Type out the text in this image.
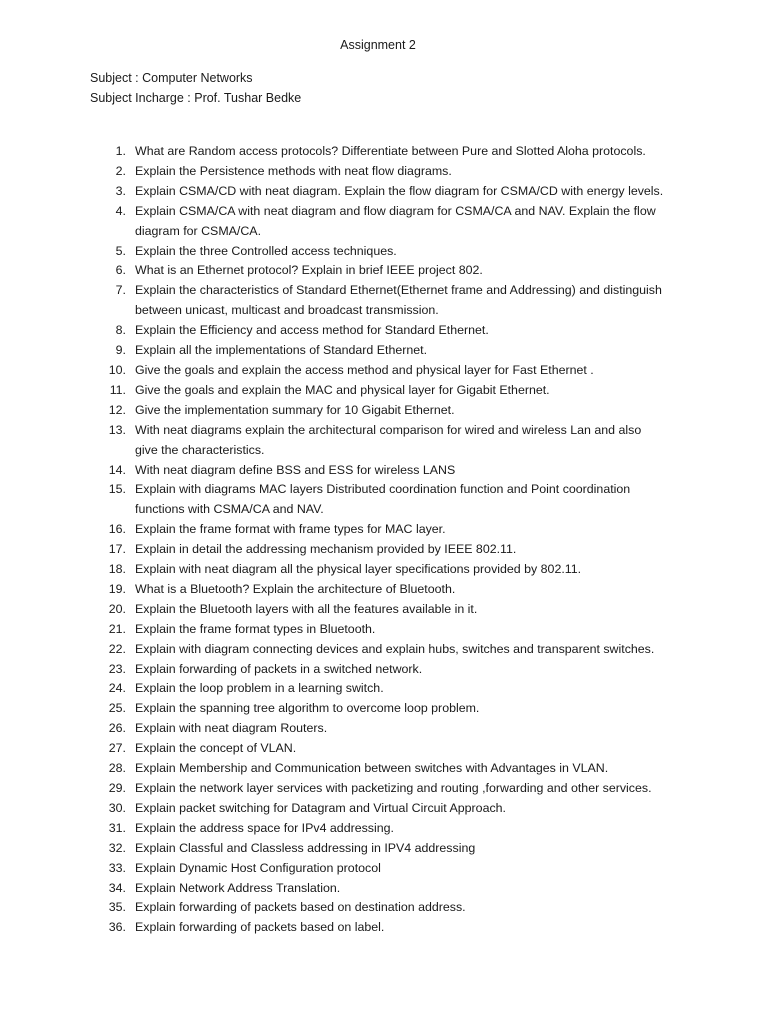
Assignment 2
Subject : Computer Networks
Subject Incharge : Prof. Tushar Bedke
1. What are Random access protocols? Differentiate between Pure and Slotted Aloha protocols.
2. Explain the Persistence methods with neat flow diagrams.
3. Explain CSMA/CD with neat diagram. Explain the flow diagram for CSMA/CD with energy levels.
4. Explain CSMA/CA with neat diagram and flow diagram for CSMA/CA and NAV. Explain the flow
diagram for CSMA/CA.
5. Explain the three Controlled access techniques.
6. What is an Ethernet protocol? Explain in brief IEEE project 802.
7. Explain the characteristics of Standard Ethernet(Ethernet frame and Addressing) and distinguish
between unicast, multicast and broadcast transmission.
8. Explain the Efficiency and access method for Standard Ethernet.
9. Explain all the implementations of Standard Ethernet.
10. Give the goals and explain the access method and physical layer for Fast Ethernet .
11. Give the goals and explain the MAC and physical layer for Gigabit Ethernet.
12. Give the implementation summary for 10 Gigabit Ethernet.
13. With neat diagrams explain the architectural comparison for wired and wireless Lan and also
give the characteristics.
14. With neat diagram define BSS and ESS for wireless LANS
15. Explain with diagrams MAC layers Distributed coordination function and Point coordination
functions with CSMA/CA and NAV.
16. Explain the frame format with frame types for MAC layer.
17. Explain in detail the addressing mechanism provided by IEEE 802.11.
18. Explain with neat diagram all the physical layer specifications provided by 802.11.
19. What is a Bluetooth? Explain the architecture of Bluetooth.
20. Explain the Bluetooth layers with all the features available in it.
21. Explain the frame format types in Bluetooth.
22. Explain with diagram connecting devices and explain hubs, switches and transparent switches.
23. Explain forwarding of packets in a switched network.
24. Explain the loop problem in a learning switch.
25. Explain the spanning tree algorithm to overcome loop problem.
26. Explain with neat diagram Routers.
27. Explain the concept of VLAN.
28. Explain Membership and Communication between switches with Advantages in VLAN.
29. Explain the network layer services with packetizing and routing ,forwarding and other services.
30. Explain packet switching for Datagram and Virtual Circuit Approach.
31. Explain the address space for IPv4 addressing.
32. Explain Classful and Classless addressing in IPV4 addressing
33. Explain Dynamic Host Configuration protocol
34. Explain Network Address Translation.
35. Explain forwarding of packets based on destination address.
36. Explain forwarding of packets based on label.
